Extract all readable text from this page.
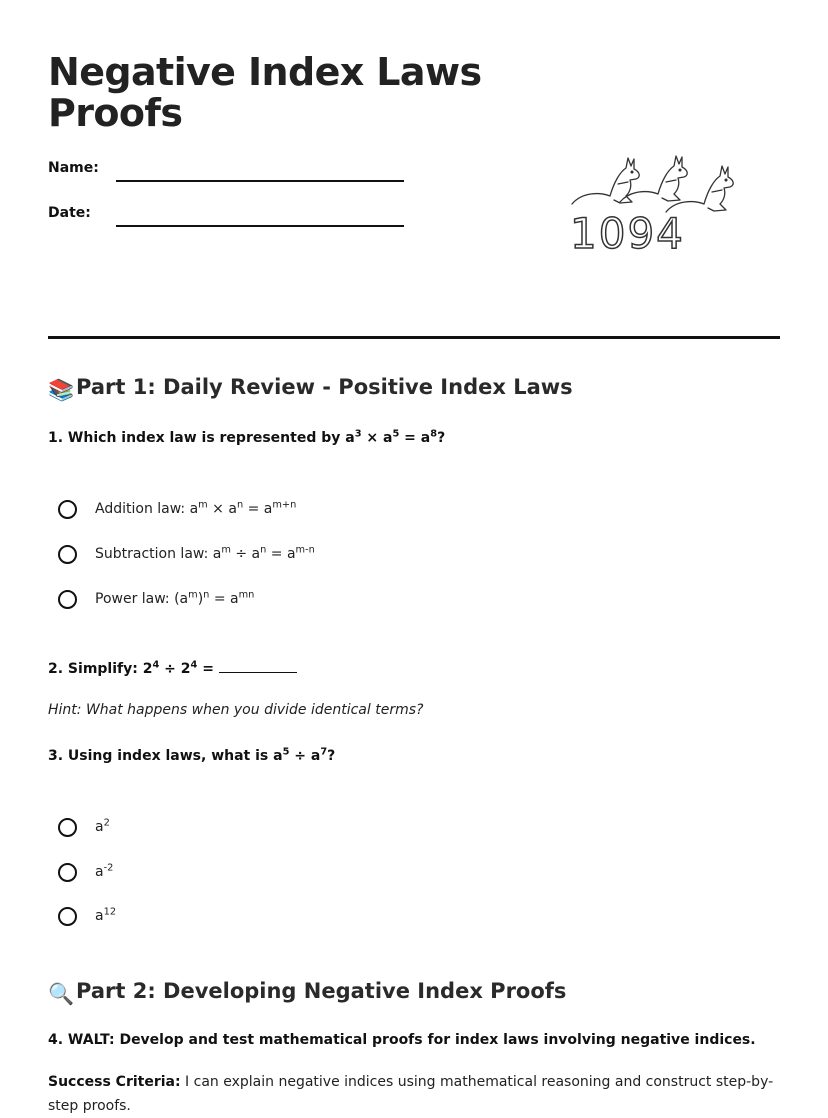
Negative Index Laws
Proofs
Name:
Date:	1094
📚Part 1: Daily Review - Positive Index Laws
1. Which index law is represented by $a^3 \times a^5 = a^8$?
Addition law: $a^m \times a^n = a^{m+n}$
Subtraction law: $a^m \div a^n = a^{m-n}$
Power law: $(a^m)^n = a^{mn}$
2. Simplify: $2^4 \div 2^4$ =
Hint: What happens when you divide identical terms?
3. Using index laws, what is $a^5 \div a^7$?
$a^2$
$a^{-2}$
$a^{12}$
🔍Part 2: Developing Negative Index Proofs
4. WALT: Develop and test mathematical proofs for index laws involving negative indices.
Success Criteria: I can explain negative indices using mathematical reasoning and construct step-by-step proofs.
